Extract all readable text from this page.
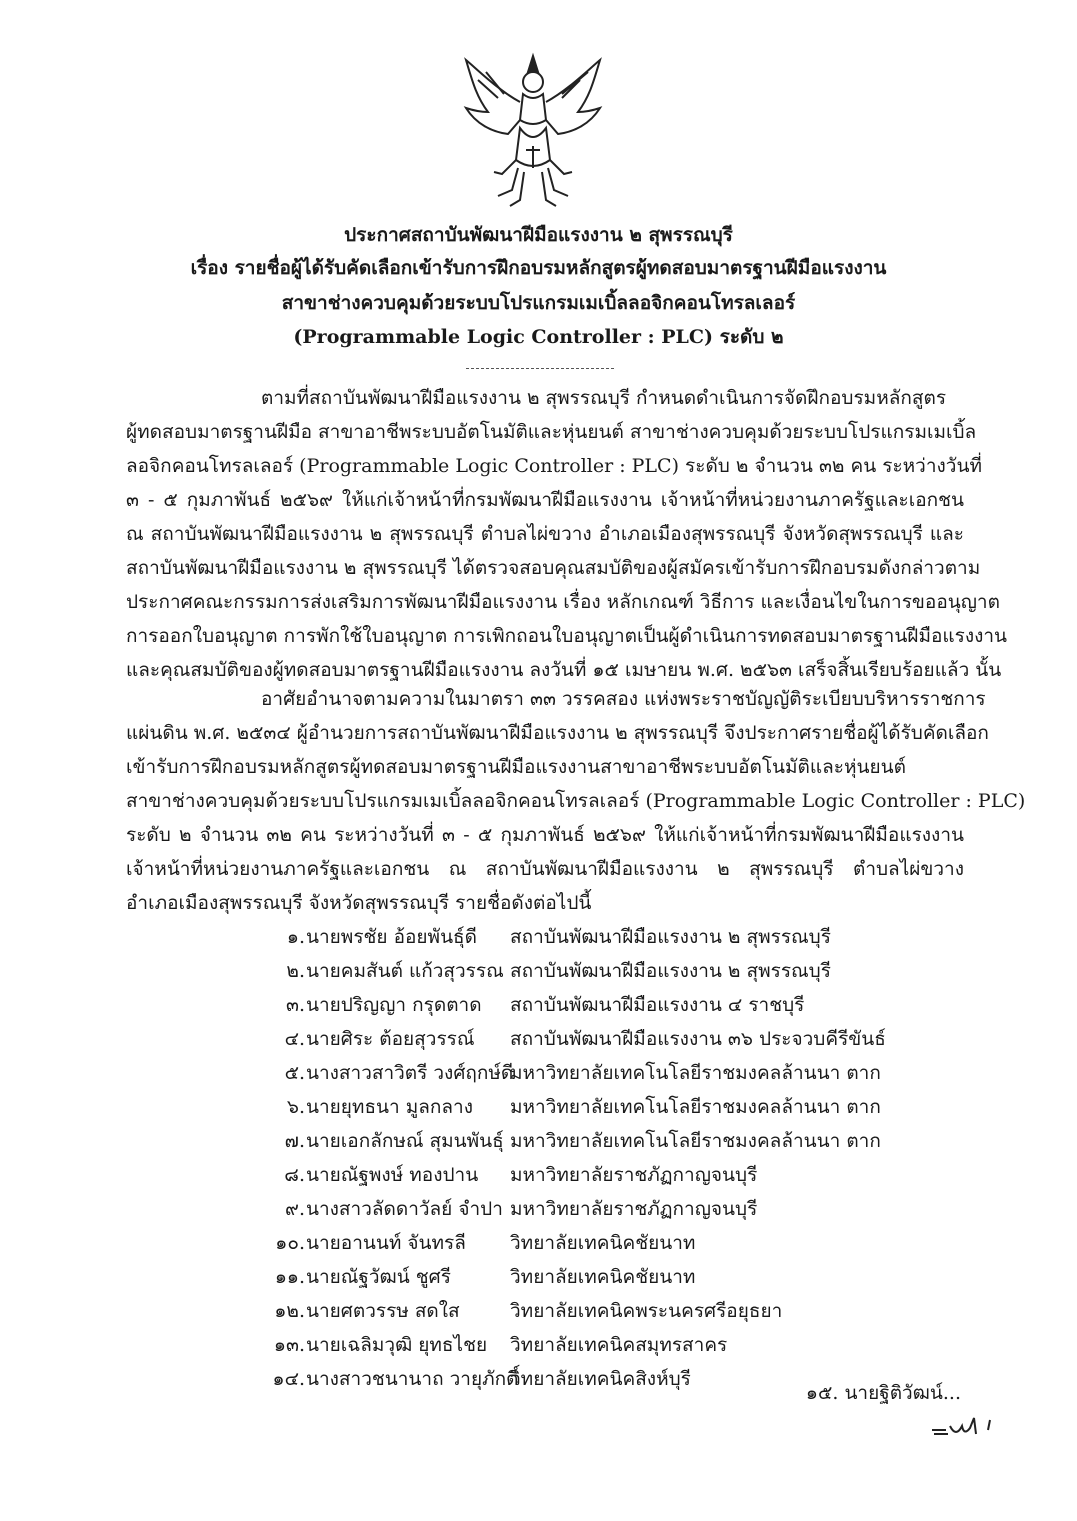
ประกาศสถาบันพัฒนาฝีมือแรงงาน ๒ สุพรรณบุรี
เรื่อง รายชื่อผู้ได้รับคัดเลือกเข้ารับการฝึกอบรมหลักสูตรผู้ทดสอบมาตรฐานฝีมือแรงงาน
สาขาช่างควบคุมด้วยระบบโปรแกรมเมเบิ้ลลอจิกคอนโทรลเลอร์
(Programmable Logic Controller : PLC) ระดับ ๒
ตามที่สถาบันพัฒนาฝีมือแรงงาน ๒ สุพรรณบุรี กำหนดดำเนินการจัดฝึกอบรมหลักสูตร
ผู้ทดสอบมาตรฐานฝีมือ สาขาอาชีพระบบอัตโนมัติและหุ่นยนต์ สาขาช่างควบคุมด้วยระบบโปรแกรมเมเบิ้ล
ลอจิกคอนโทรลเลอร์ (Programmable Logic Controller : PLC) ระดับ ๒ จำนวน ๓๒ คน ระหว่างวันที่
๓ - ๕ กุมภาพันธ์ ๒๕๖๙ ให้แก่เจ้าหน้าที่กรมพัฒนาฝีมือแรงงาน เจ้าหน้าที่หน่วยงานภาครัฐและเอกชน
ณ สถาบันพัฒนาฝีมือแรงงาน ๒ สุพรรณบุรี ตำบลไผ่ขวาง อำเภอเมืองสุพรรณบุรี จังหวัดสุพรรณบุรี และ
สถาบันพัฒนาฝีมือแรงงาน ๒ สุพรรณบุรี ได้ตรวจสอบคุณสมบัติของผู้สมัครเข้ารับการฝึกอบรมดังกล่าวตาม
ประกาศคณะกรรมการส่งเสริมการพัฒนาฝีมือแรงงาน เรื่อง หลักเกณฑ์ วิธีการ และเงื่อนไขในการขออนุญาต
การออกใบอนุญาต การพักใช้ใบอนุญาต การเพิกถอนใบอนุญาตเป็นผู้ดำเนินการทดสอบมาตรฐานฝีมือแรงงาน
และคุณสมบัติของผู้ทดสอบมาตรฐานฝีมือแรงงาน ลงวันที่ ๑๕ เมษายน พ.ศ. ๒๕๖๓ เสร็จสิ้นเรียบร้อยแล้ว นั้น
อาศัยอำนาจตามความในมาตรา ๓๓ วรรคสอง แห่งพระราชบัญญัติระเบียบบริหารราชการ
แผ่นดิน พ.ศ. ๒๕๓๔ ผู้อำนวยการสถาบันพัฒนาฝีมือแรงงาน ๒ สุพรรณบุรี จึงประกาศรายชื่อผู้ได้รับคัดเลือก
เข้ารับการฝึกอบรมหลักสูตรผู้ทดสอบมาตรฐานฝีมือแรงงานสาขาอาชีพระบบอัตโนมัติและหุ่นยนต์
สาขาช่างควบคุมด้วยระบบโปรแกรมเมเบิ้ลลอจิกคอนโทรลเลอร์ (Programmable Logic Controller : PLC)
ระดับ ๒ จำนวน ๓๒ คน ระหว่างวันที่ ๓ - ๕ กุมภาพันธ์ ๒๕๖๙ ให้แก่เจ้าหน้าที่กรมพัฒนาฝีมือแรงงาน
เจ้าหน้าที่หน่วยงานภาครัฐและเอกชน ณ สถาบันพัฒนาฝีมือแรงงาน ๒ สุพรรณบุรี ตำบลไผ่ขวาง
อำเภอเมืองสุพรรณบุรี จังหวัดสุพรรณบุรี รายชื่อดังต่อไปนี้
๑. นายพรชัย อ้อยพันธุ์ดี สถาบันพัฒนาฝีมือแรงงาน ๒ สุพรรณบุรี
๒. นายคมสันต์ แก้วสุวรรณ สถาบันพัฒนาฝีมือแรงงาน ๒ สุพรรณบุรี
๓. นายปริญญา กรุดตาด สถาบันพัฒนาฝีมือแรงงาน ๔ ราชบุรี
๔. นายศิระ ต้อยสุวรรณ์ สถาบันพัฒนาฝีมือแรงงาน ๓๖ ประจวบคีรีขันธ์
๕. นางสาวสาวิตรี วงศ์ฤกษ์ดี
มหาวิทยาลัยเทคโนโลยีราชมงคลล้านนา ตาก
๖. นายยุทธนา มูลกลาง มหาวิทยาลัยเทคโนโลยีราชมงคลล้านนา ตาก
๗. นายเอกลักษณ์ สุมนพันธุ์ มหาวิทยาลัยเทคโนโลยีราชมงคลล้านนา ตาก
๘. นายณัฐพงษ์ ทองปาน มหาวิทยาลัยราชภัฏกาญจนบุรี
๙. นางสาวลัดดาวัลย์ จำปา มหาวิทยาลัยราชภัฏกาญจนบุรี
๑๐. นายอานนท์ จันทรลี วิทยาลัยเทคนิคชัยนาท
๑๑. นายณัฐวัฒน์ ชูศรี	วิทยาลัยเทคนิคชัยนาท
๑๒. นายศตวรรษ สดใส	วิทยาลัยเทคนิคพระนครศรีอยุธยา
๑๓. นายเฉลิมวุฒิ ยุทธไชย วิทยาลัยเทคนิคสมุทรสาคร
๑๔. นางสาวชนานาถ วายุภักดิ์
วิทยาลัยเทคนิคสิงห์บุรี
๑๕. นายฐิติวัฒน์...
